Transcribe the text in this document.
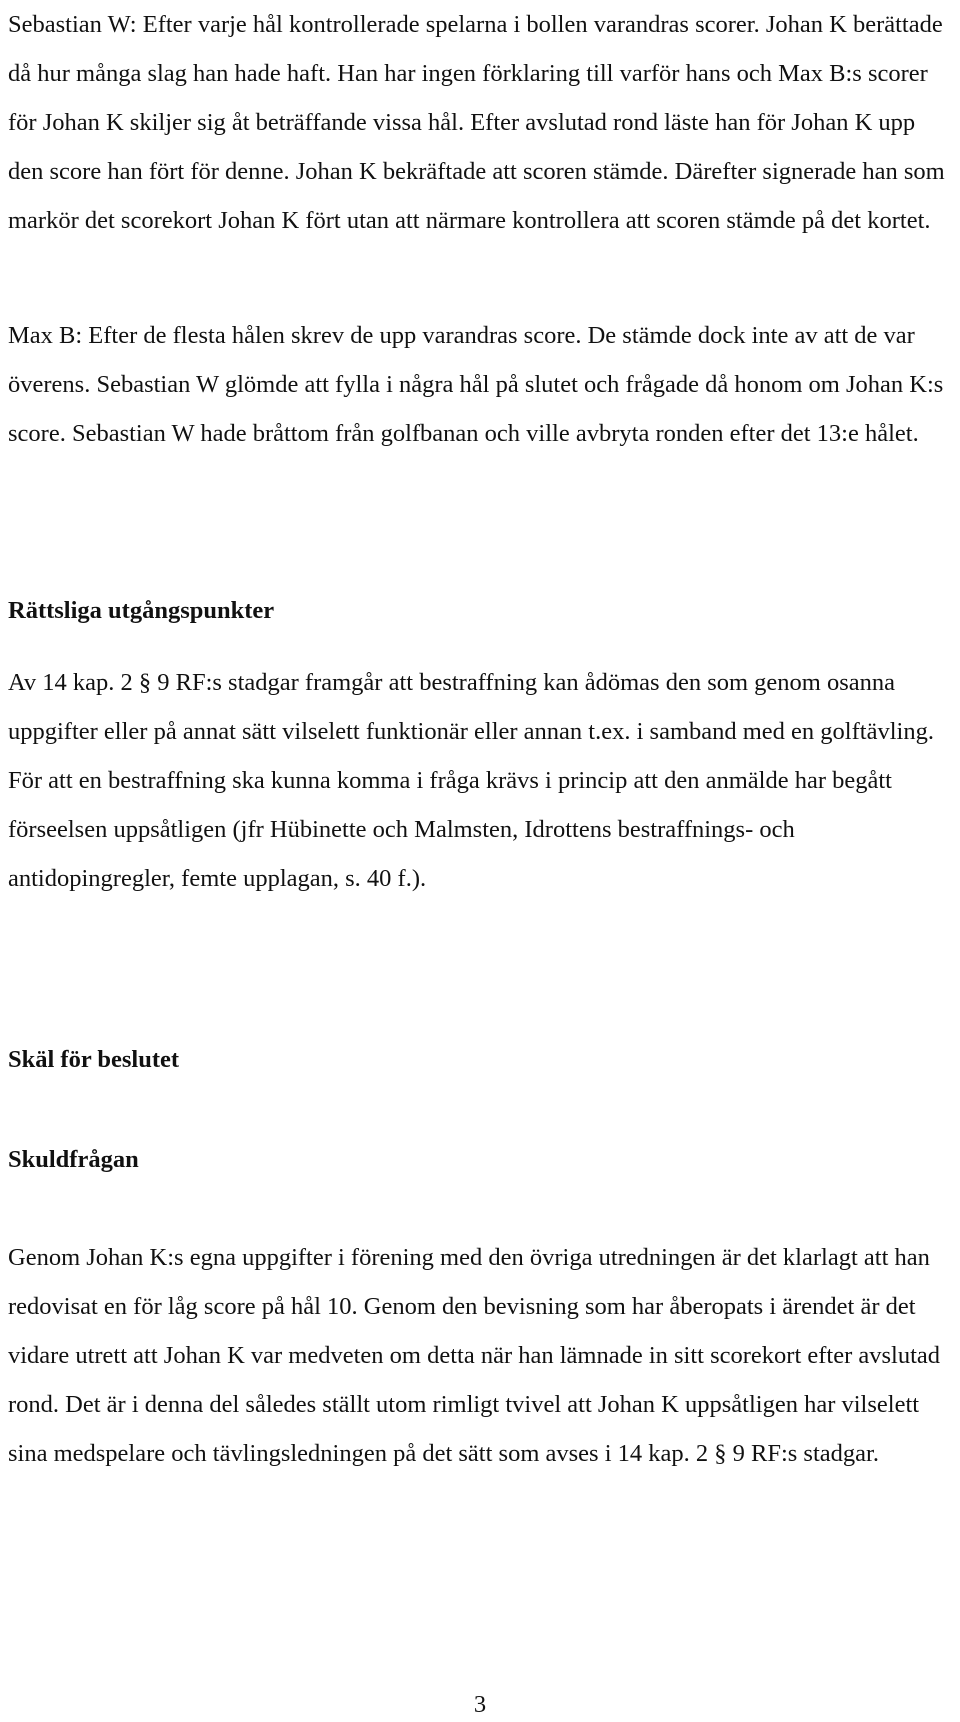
Sebastian W: Efter varje hål kontrollerade spelarna i bollen varandras scorer. Johan K berättade då hur många slag han hade haft. Han har ingen förklaring till varför hans och Max B:s scorer för Johan K skiljer sig åt beträffande vissa hål. Efter avslutad rond läste han för Johan K upp den score han fört för denne. Johan K bekräftade att scoren stämde. Därefter signerade han som markör det scorekort Johan K fört utan att närmare kontrollera att scoren stämde på det kortet.

Max B: Efter de flesta hålen skrev de upp varandras score. De stämde dock inte av att de var överens. Sebastian W glömde att fylla i några hål på slutet och frågade då honom om Johan K:s score. Sebastian W hade bråttom från golfbanan och ville avbryta ronden efter det 13:e hålet.

Rättsliga utgångspunkter

Av 14 kap. 2 § 9 RF:s stadgar framgår att bestraffning kan ådömas den som genom osanna uppgifter eller på annat sätt vilselett funktionär eller annan t.ex. i samband med en golftävling. För att en bestraffning ska kunna komma i fråga krävs i princip att den anmälde har begått förseelsen uppsåtligen (jfr Hübinette och Malmsten, Idrottens bestraffnings- och antidopingregler, femte upplagan, s. 40 f.).

Skäl för beslutet
Skuldfrågan

Genom Johan K:s egna uppgifter i förening med den övriga utredningen är det klarlagt att han redovisat en för låg score på hål 10. Genom den bevisning som har åberopats i ärendet är det vidare utrett att Johan K var medveten om detta när han lämnade in sitt scorekort efter avslutad rond. Det är i denna del således ställt utom rimligt tvivel att Johan K uppsåtligen har vilselett sina medspelare och tävlingsledningen på det sätt som avses i 14 kap. 2 § 9 RF:s stadgar.

3
